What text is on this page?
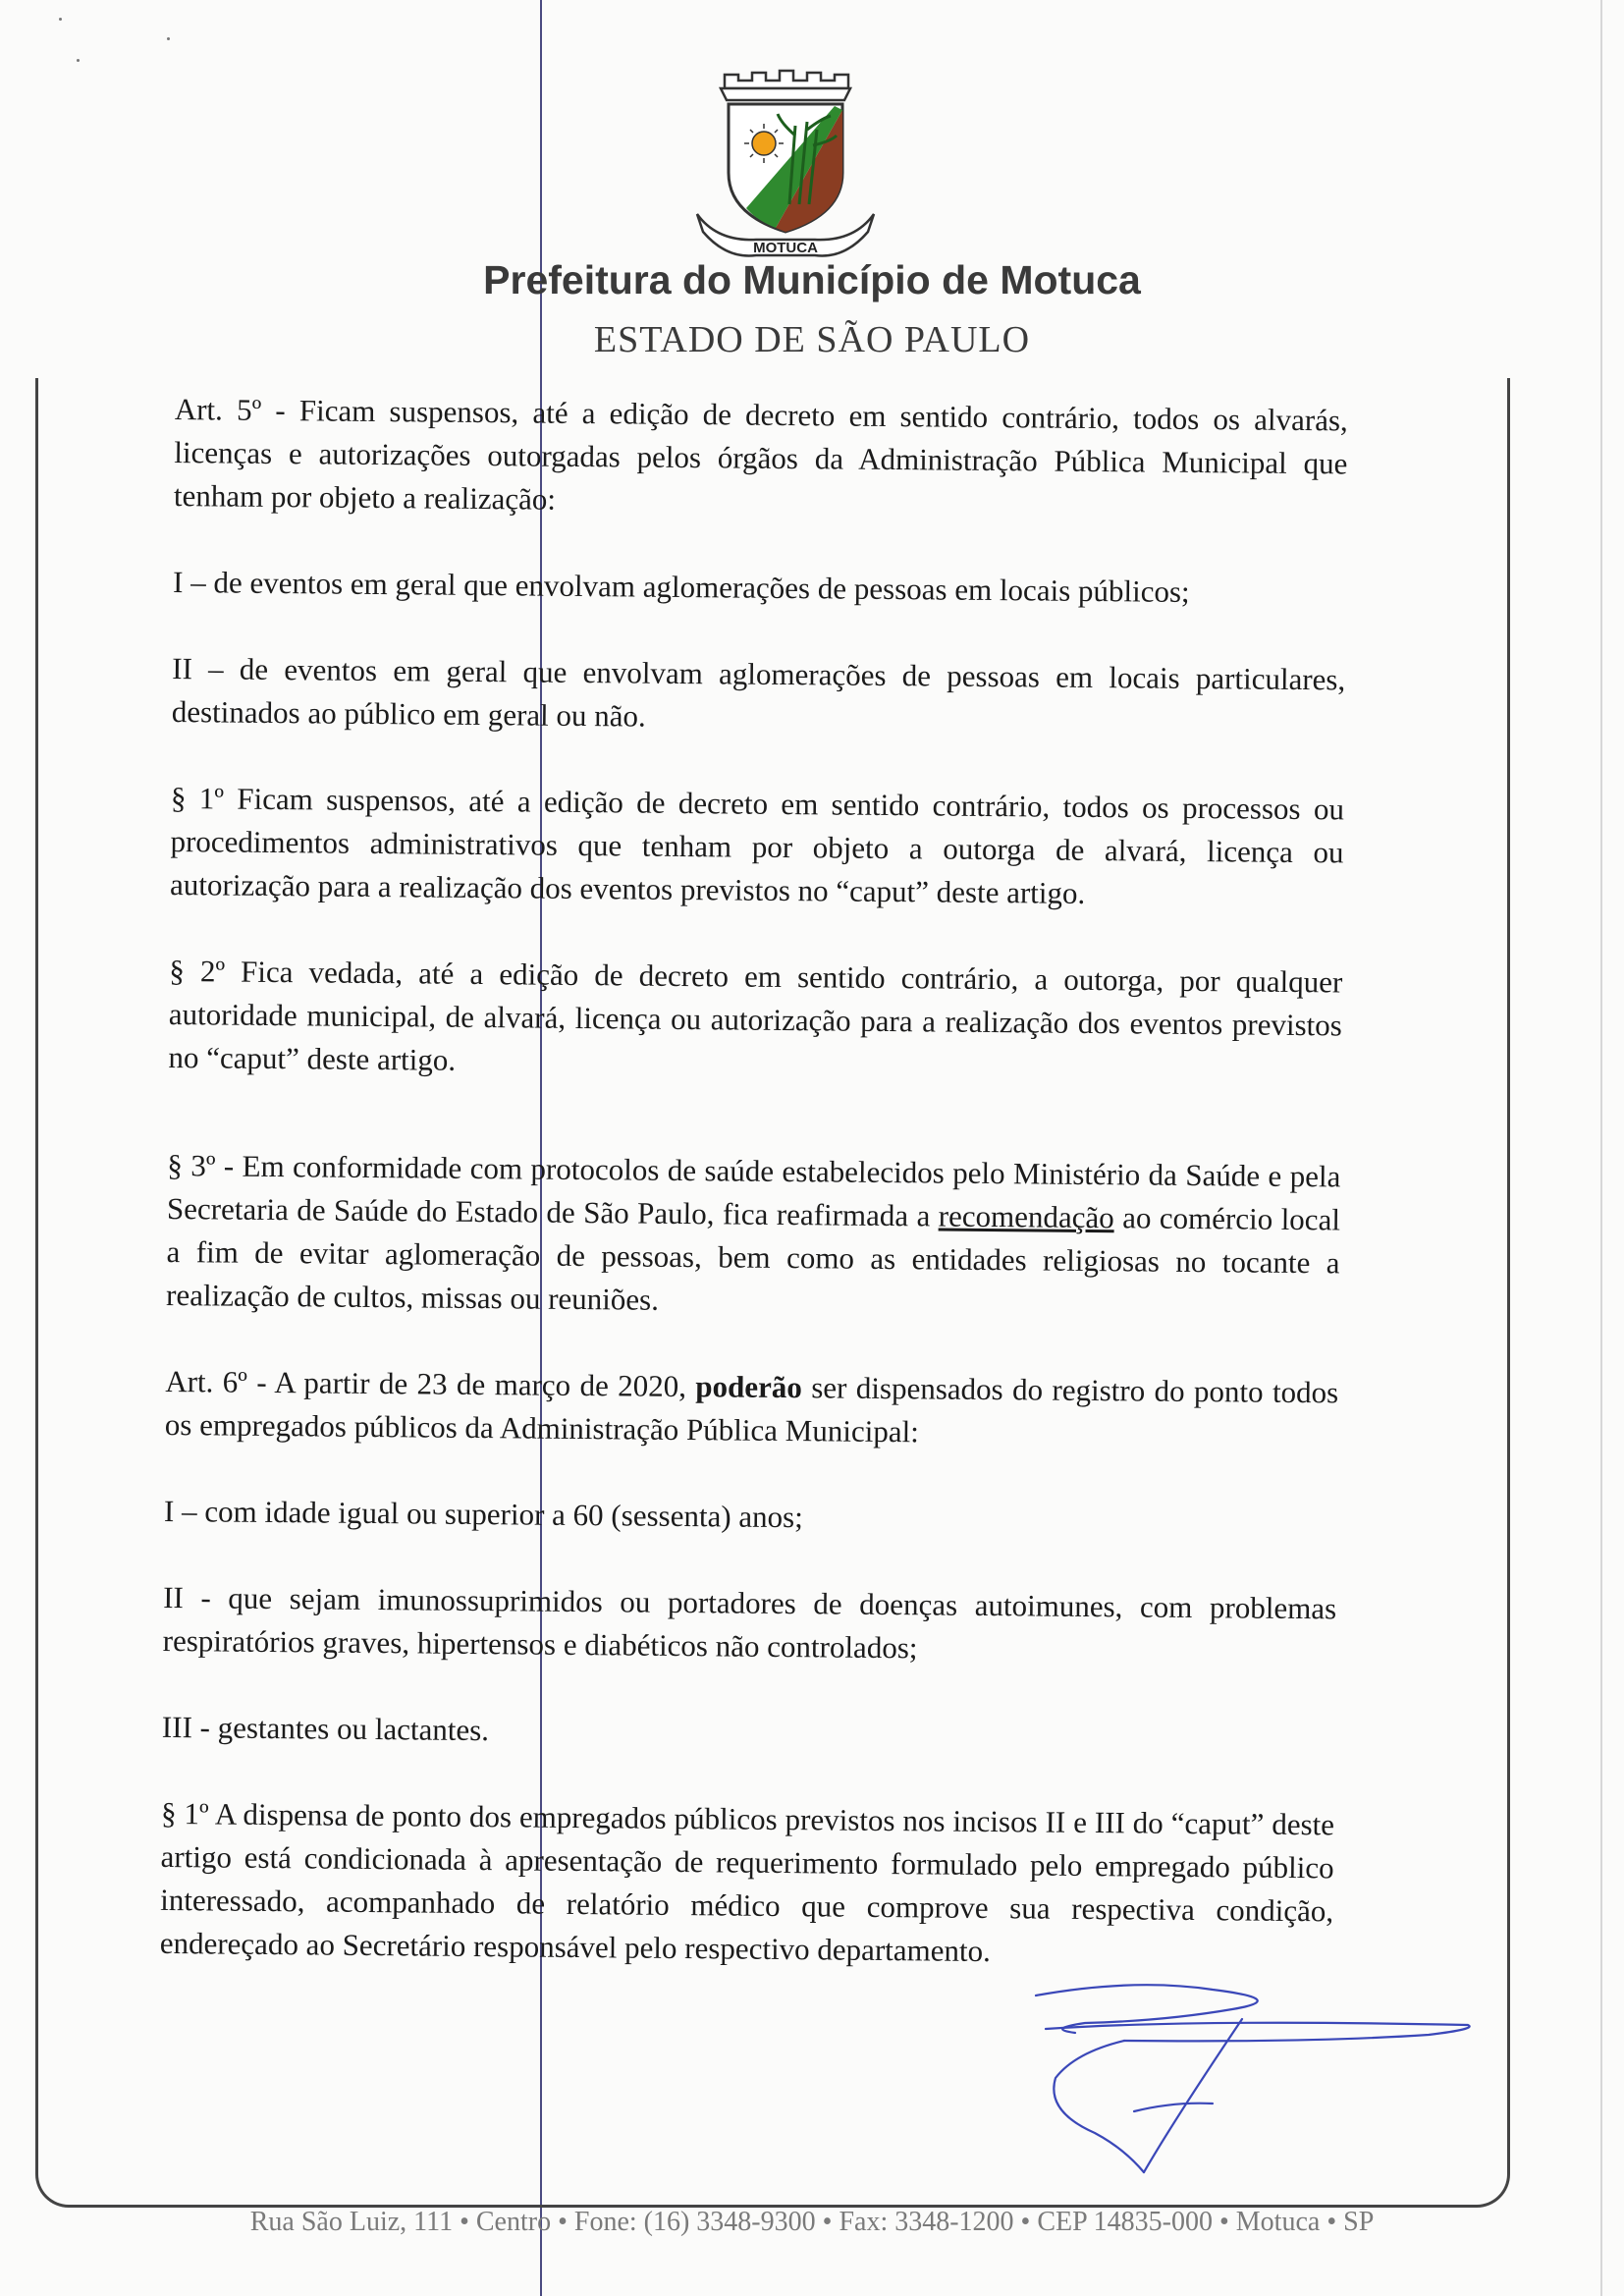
MOTUCA
Prefeitura do Município de Motuca
ESTADO DE SÃO PAULO

Art. 5º - Ficam suspensos, até a edição de decreto em sentido contrário, todos os alvarás, licenças e autorizações outorgadas pelos órgãos da Administração Pública Municipal que tenham por objeto a realização:

I – de eventos em geral que envolvam aglomerações de pessoas em locais públicos;

II – de eventos em geral que envolvam aglomerações de pessoas em locais particulares, destinados ao público em geral ou não.

§ 1º Ficam suspensos, até a edição de decreto em sentido contrário, todos os processos ou procedimentos administrativos que tenham por objeto a outorga de alvará, licença ou autorização para a realização dos eventos previstos no “caput” deste artigo.

§ 2º Fica vedada, até a edição de decreto em sentido contrário, a outorga, por qualquer autoridade municipal, de alvará, licença ou autorização para a realização dos eventos previstos no “caput” deste artigo.

§ 3º - Em conformidade com protocolos de saúde estabelecidos pelo Ministério da Saúde e pela Secretaria de Saúde do Estado de São Paulo, fica reafirmada a recomendação ao comércio local a fim de evitar aglomeração de pessoas, bem como as entidades religiosas no tocante a realização de cultos, missas ou reuniões.

Art. 6º - A partir de 23 de março de 2020, poderão ser dispensados do registro do ponto todos os empregados públicos da Administração Pública Municipal:

I – com idade igual ou superior a 60 (sessenta) anos;

II - que sejam imunossuprimidos ou portadores de doenças autoimunes, com problemas respiratórios graves, hipertensos e diabéticos não controlados;

III - gestantes ou lactantes.

§ 1º A dispensa de ponto dos empregados públicos previstos nos incisos II e III do “caput” deste artigo está condicionada à apresentação de requerimento formulado pelo empregado público interessado, acompanhado de relatório médico que comprove sua respectiva condição, endereçado ao Secretário responsável pelo respectivo departamento.

Rua São Luiz, 111 • Centro • Fone: (16) 3348-9300 • Fax: 3348-1200 • CEP 14835-000 • Motuca • SP
